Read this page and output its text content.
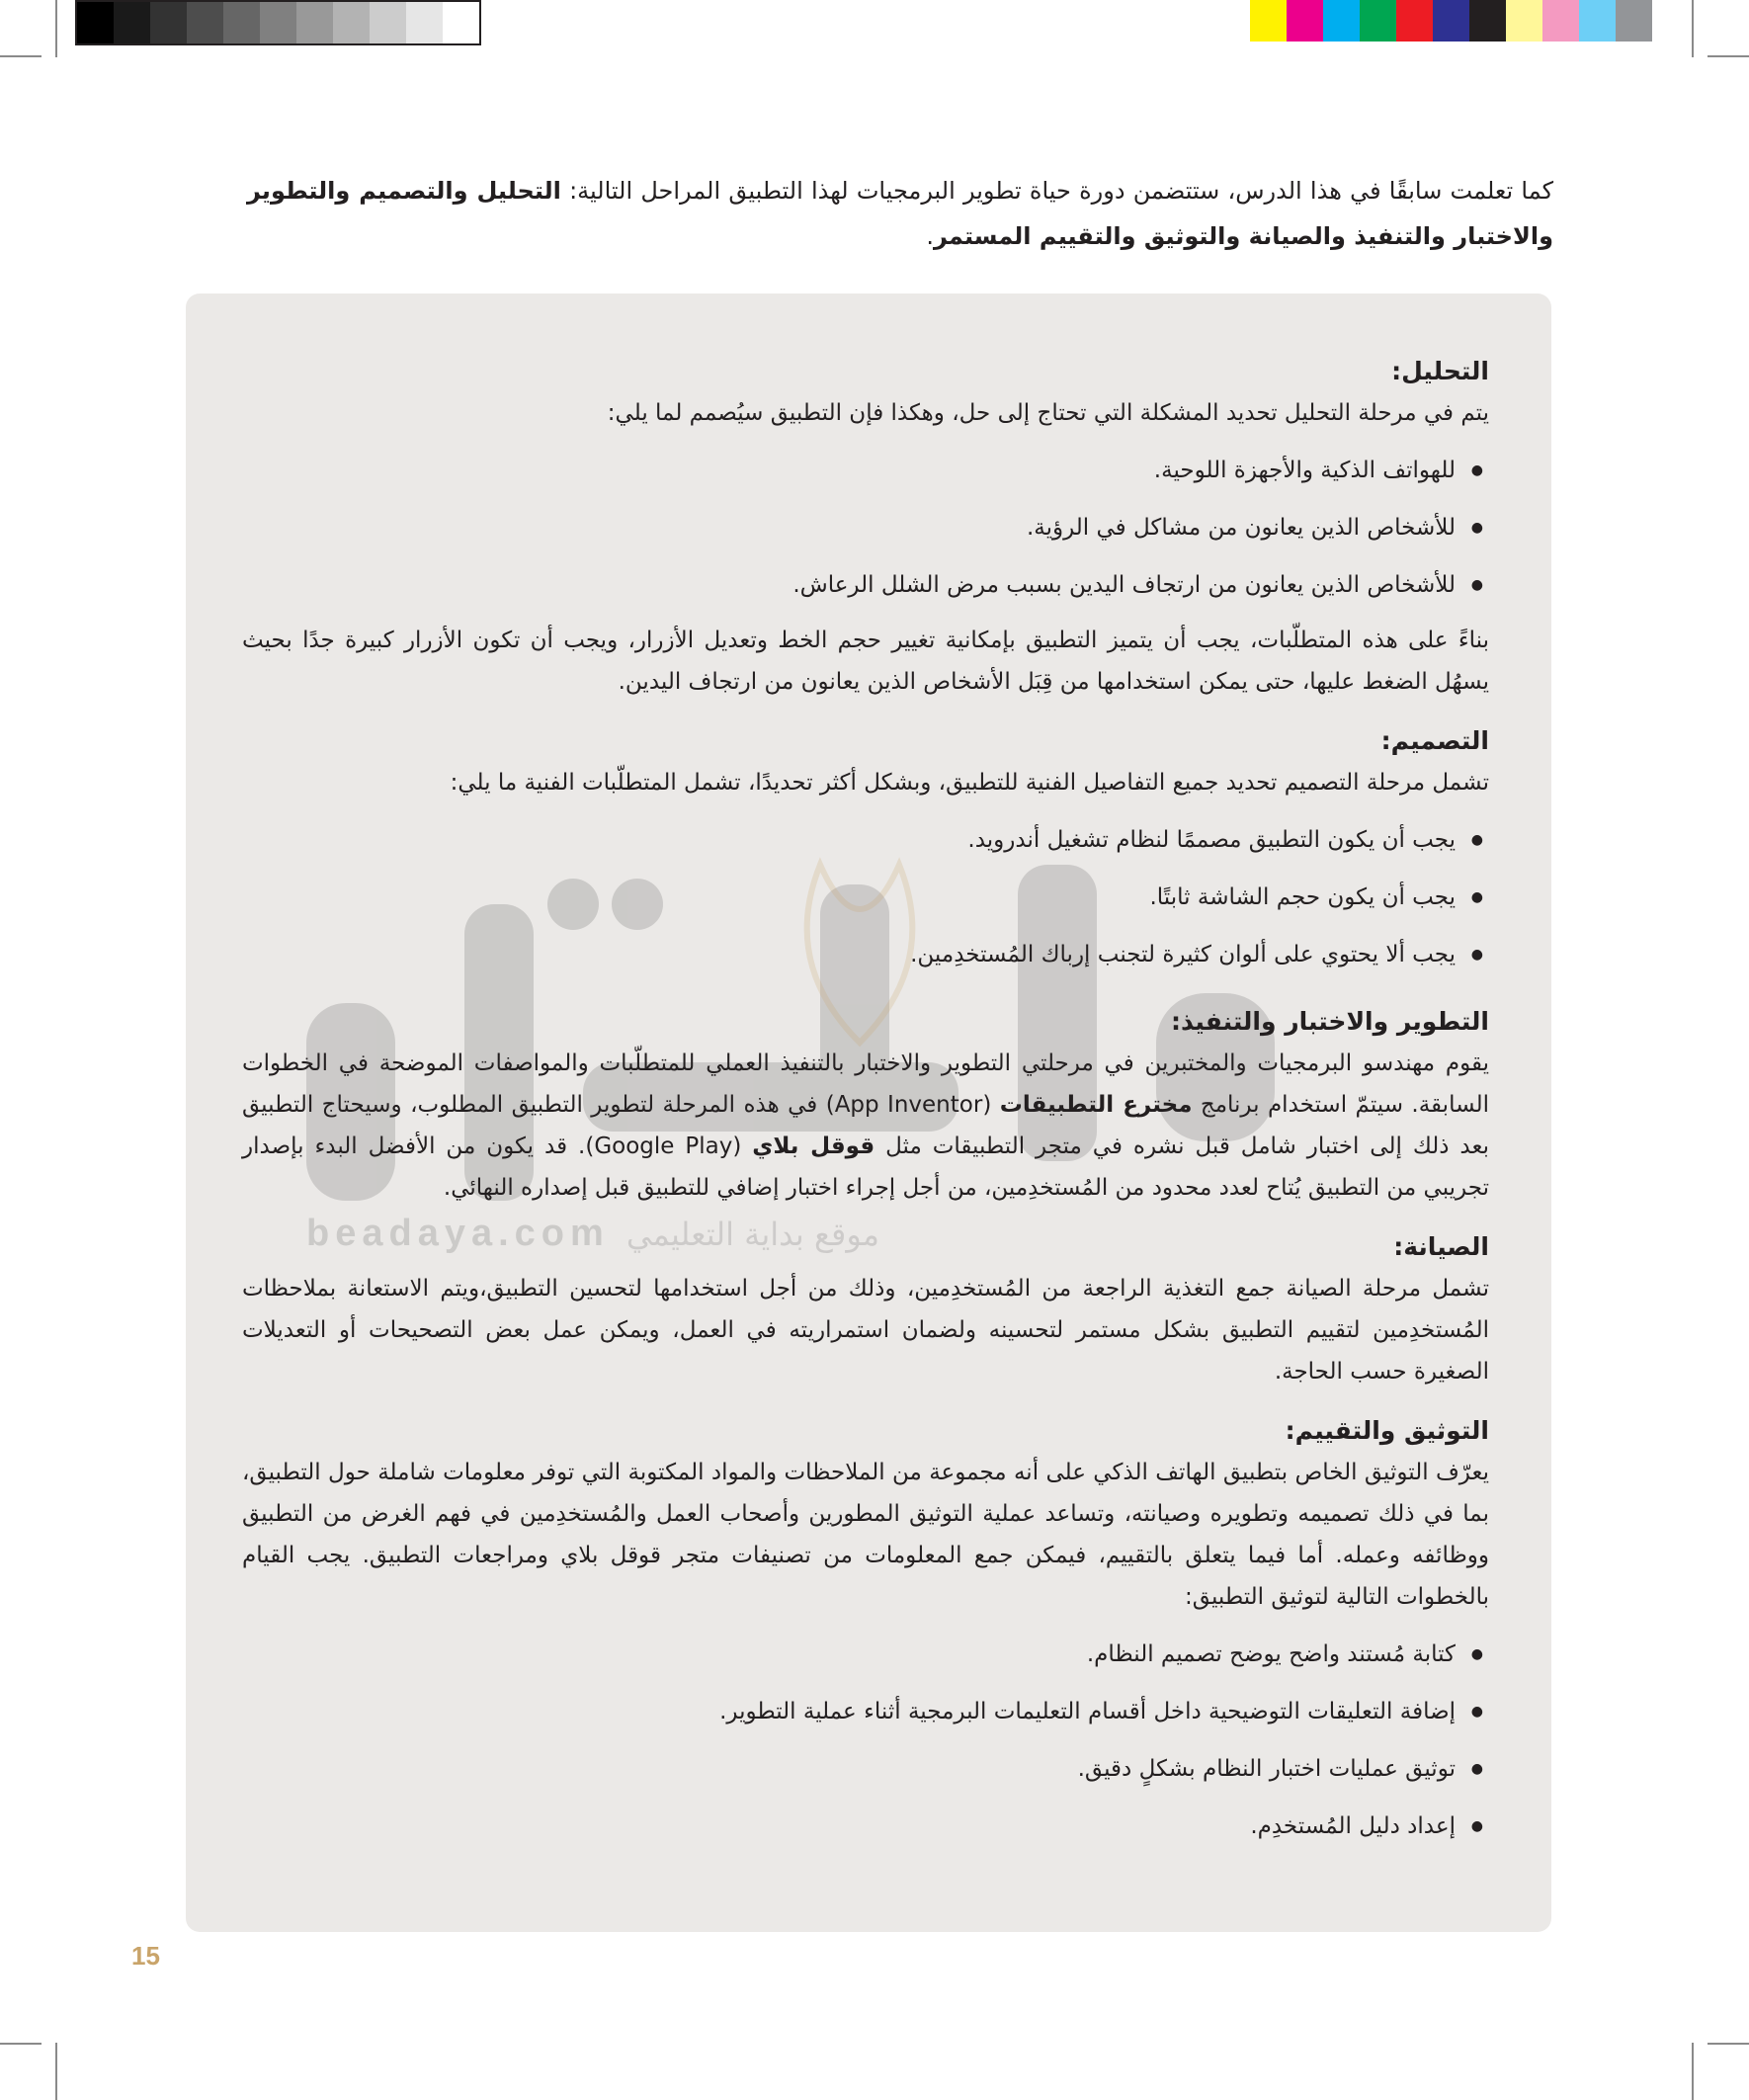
كما تعلمت سابقًا في هذا الدرس، ستتضمن دورة حياة تطوير البرمجيات لهذا التطبيق المراحل التالية: التحليل والتصميم والتطوير والاختبار والتنفيذ والصيانة والتوثيق والتقييم المستمر.
التحليل:
يتم في مرحلة التحليل تحديد المشكلة التي تحتاج إلى حل، وهكذا فإن التطبيق سيُصمم لما يلي:
● للهواتف الذكية والأجهزة اللوحية.
● للأشخاص الذين يعانون من مشاكل في الرؤية.
● للأشخاص الذين يعانون من ارتجاف اليدين بسبب مرض الشلل الرعاش.
بناءً على هذه المتطلّبات، يجب أن يتميز التطبيق بإمكانية تغيير حجم الخط وتعديل الأزرار، ويجب أن تكون الأزرار كبيرة جدًا بحيث يسهُل الضغط عليها، حتى يمكن استخدامها من قِبَل الأشخاص الذين يعانون من ارتجاف اليدين.
التصميم:
تشمل مرحلة التصميم تحديد جميع التفاصيل الفنية للتطبيق، وبشكل أكثر تحديدًا، تشمل المتطلّبات الفنية ما يلي:
● يجب أن يكون التطبيق مصممًا لنظام تشغيل أندرويد.
● يجب أن يكون حجم الشاشة ثابتًا.
● يجب ألا يحتوي على ألوان كثيرة لتجنب إرباك المُستخدِمين.
التطوير والاختبار والتنفيذ:
يقوم مهندسو البرمجيات والمختبرين في مرحلتي التطوير والاختبار بالتنفيذ العملي للمتطلّبات والمواصفات الموضحة في الخطوات السابقة. سيتمّ استخدام برنامج مخترع التطبيقات (App Inventor) في هذه المرحلة لتطوير التطبيق المطلوب، وسيحتاج التطبيق بعد ذلك إلى اختبار شامل قبل نشره في متجر التطبيقات مثل قوقل بلاي (Google Play). قد يكون من الأفضل البدء بإصدار تجريبي من التطبيق يُتاح لعدد محدود من المُستخدِمين، من أجل إجراء اختبار إضافي للتطبيق قبل إصداره النهائي.
الصيانة:
تشمل مرحلة الصيانة جمع التغذية الراجعة من المُستخدِمين، وذلك من أجل استخدامها لتحسين التطبيق،ويتم الاستعانة بملاحظات المُستخدِمين لتقييم التطبيق بشكل مستمر لتحسينه ولضمان استمراريته في العمل، ويمكن عمل بعض التصحيحات أو التعديلات الصغيرة حسب الحاجة.
التوثيق والتقييم:
يعرّف التوثيق الخاص بتطبيق الهاتف الذكي على أنه مجموعة من الملاحظات والمواد المكتوبة التي توفر معلومات شاملة حول التطبيق، بما في ذلك تصميمه وتطويره وصيانته، وتساعد عملية التوثيق المطورين وأصحاب العمل والمُستخدِمين في فهم الغرض من التطبيق ووظائفه وعمله. أما فيما يتعلق بالتقييم، فيمكن جمع المعلومات من تصنيفات متجر قوقل بلاي ومراجعات التطبيق. يجب القيام بالخطوات التالية لتوثيق التطبيق:
● كتابة مُستند واضح يوضح تصميم النظام.
● إضافة التعليقات التوضيحية داخل أقسام التعليمات البرمجية أثناء عملية التطوير.
● توثيق عمليات اختبار النظام بشكلٍ دقيق.
● إعداد دليل المُستخدِم.
15
